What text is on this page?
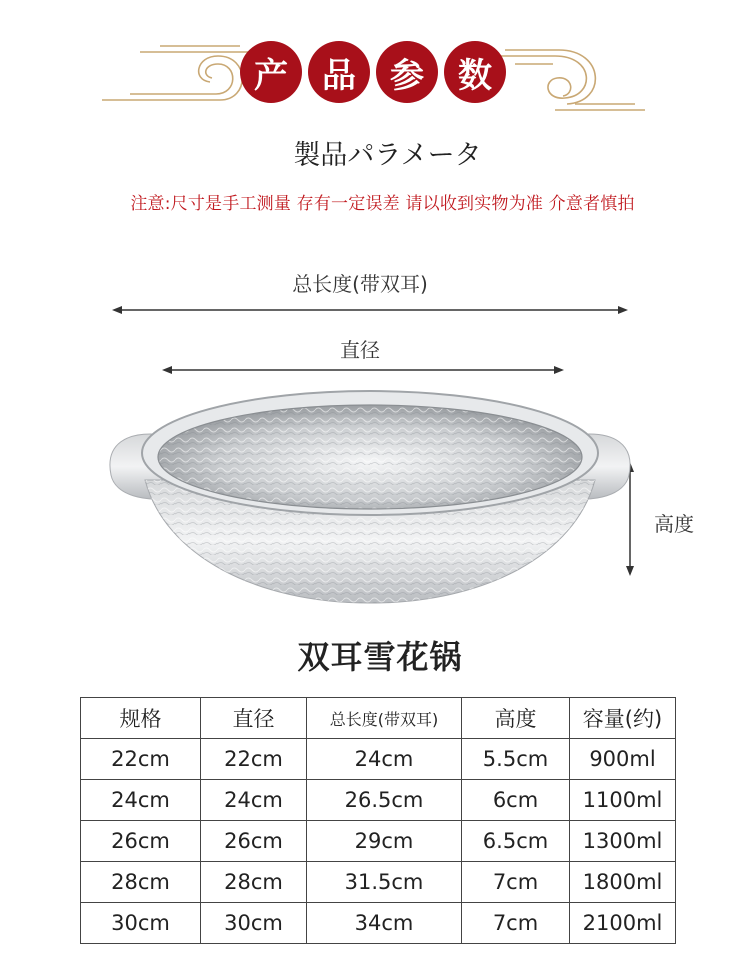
产	品	参	数
製品パラメータ
注意:尺寸是手工测量 存有一定误差 请以收到实物为准 介意者慎拍
总长度(带双耳)
直径
高度
双耳雪花锅
规格	直径	总长度(带双耳)	高度	容量(约)
22cm	22cm	24cm	5.5cm	900ml
24cm	24cm	26.5cm	6cm	1100ml
26cm	26cm	29cm	6.5cm	1300ml
28cm	28cm	31.5cm	7cm	1800ml
30cm	30cm	34cm	7cm	2100ml
